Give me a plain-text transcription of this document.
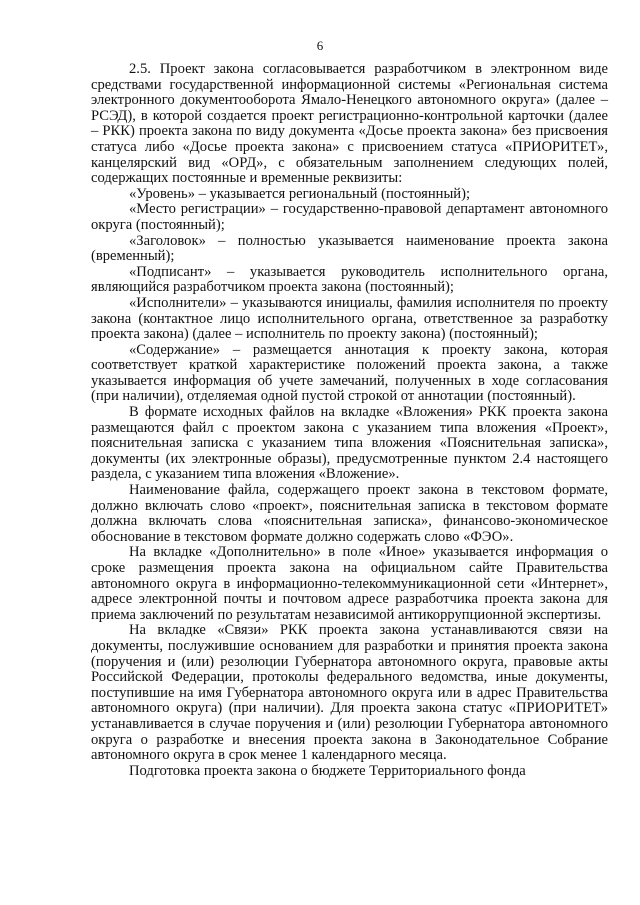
6

2.5. Проект закона согласовывается разработчиком в электронном виде средствами государственной информационной системы «Региональная система электронного документооборота Ямало-Ненецкого автономного округа» (далее – РСЭД), в которой создается проект регистрационно-контрольной карточки (далее – РКК) проекта закона по виду документа «Досье проекта закона» без присвоения статуса либо «Досье проекта закона» с присвоением статуса «ПРИОРИТЕТ», канцелярский вид «ОРД», с обязательным заполнением следующих полей, содержащих постоянные и временные реквизиты:

«Уровень» – указывается региональный (постоянный);

«Место регистрации» – государственно-правовой департамент автономного округа (постоянный);

«Заголовок» – полностью указывается наименование проекта закона (временный);

«Подписант» – указывается руководитель исполнительного органа, являющийся разработчиком проекта закона (постоянный);

«Исполнители» – указываются инициалы, фамилия исполнителя по проекту закона (контактное лицо исполнительного органа, ответственное за разработку проекта закона) (далее – исполнитель по проекту закона) (постоянный);

«Содержание» – размещается аннотация к проекту закона, которая соответствует краткой характеристике положений проекта закона, а также указывается информация об учете замечаний, полученных в ходе согласования (при наличии), отделяемая одной пустой строкой от аннотации (постоянный).

В формате исходных файлов на вкладке «Вложения» РКК проекта закона размещаются файл с проектом закона с указанием типа вложения «Проект», пояснительная записка с указанием типа вложения «Пояснительная записка», документы (их электронные образы), предусмотренные пунктом 2.4 настоящего раздела, с указанием типа вложения «Вложение».

Наименование файла, содержащего проект закона в текстовом формате, должно включать слово «проект», пояснительная записка в текстовом формате должна включать слова «пояснительная записка», финансово-экономическое обоснование в текстовом формате должно содержать слово «ФЭО».

На вкладке «Дополнительно» в поле «Иное» указывается информация о сроке размещения проекта закона на официальном сайте Правительства автономного округа в информационно-телекоммуникационной сети «Интернет», адресе электронной почты и почтовом адресе разработчика проекта закона для приема заключений по результатам независимой антикоррупционной экспертизы.

На вкладке «Связи» РКК проекта закона устанавливаются связи на документы, послужившие основанием для разработки и принятия проекта закона (поручения и (или) резолюции Губернатора автономного округа, правовые акты Российской Федерации, протоколы федерального ведомства, иные документы, поступившие на имя Губернатора автономного округа или в адрес Правительства автономного округа) (при наличии). Для проекта закона статус «ПРИОРИТЕТ» устанавливается в случае поручения и (или) резолюции Губернатора автономного округа о разработке и внесения проекта закона в Законодательное Собрание автономного округа в срок менее 1 календарного месяца.

Подготовка проекта закона о бюджете Территориального фонда
